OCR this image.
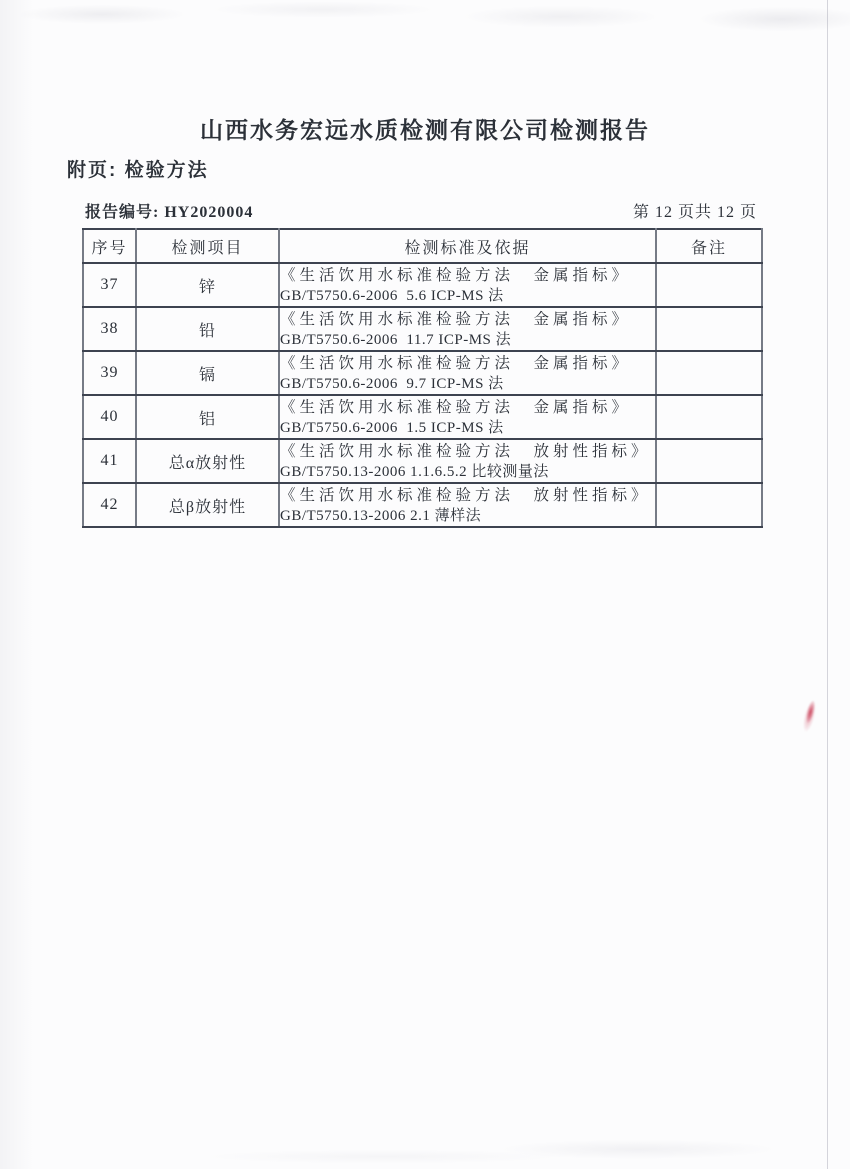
山西水务宏远水质检测有限公司检测报告
附页: 检验方法
报告编号: HY2020004	第 12 页共 12 页
序号	检测项目	检测标准及依据	备注
37	锌	《生活饮用水标准检验方法　金属指标》
GB/T5750.6-2006  5.6 ICP-MS 法	

38	铅	《生活饮用水标准检验方法　金属指标》
GB/T5750.6-2006  11.7 ICP-MS 法	

39	镉	《生活饮用水标准检验方法　金属指标》
GB/T5750.6-2006  9.7 ICP-MS 法	

40	铝	《生活饮用水标准检验方法　金属指标》
GB/T5750.6-2006  1.5 ICP-MS 法	

41	总α放射性	《生活饮用水标准检验方法　放射性指标》
GB/T5750.13-2006 1.1.6.5.2 比较测量法	

42	总β放射性	《生活饮用水标准检验方法　放射性指标》
GB/T5750.13-2006 2.1 薄样法	
